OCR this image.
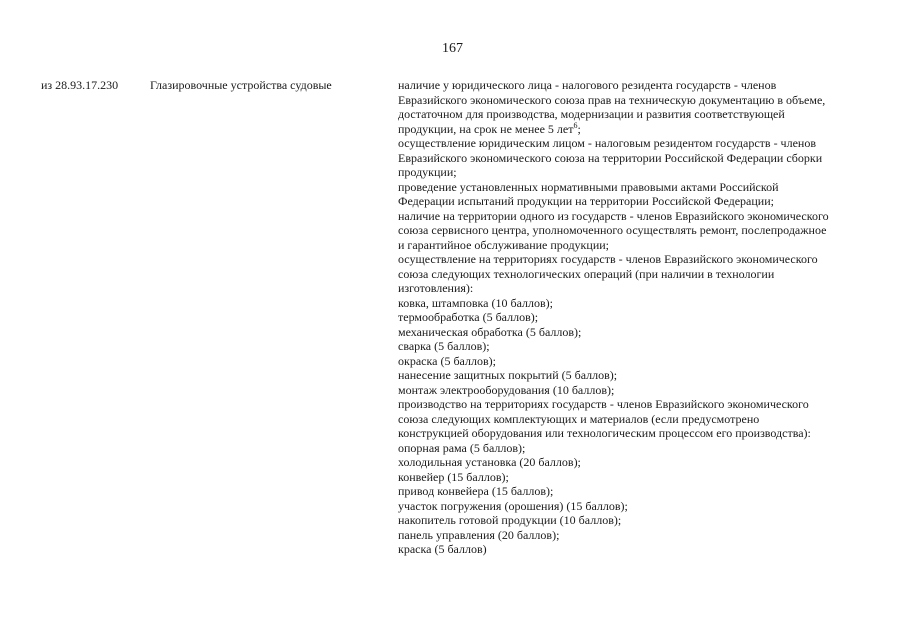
167
из 28.93.17.230	Глазировочные устройства судовые	наличие у юридического лица - налогового резидента государств - членов
Евразийского экономического союза прав на техническую документацию в объеме,
достаточном для производства, модернизации и развития соответствующей
продукции, на срок не менее 5 лет$^6$;
осуществление юридическим лицом - налоговым резидентом государств - членов
Евразийского экономического союза на территории Российской Федерации сборки
продукции;
проведение установленных нормативными правовыми актами Российской
Федерации испытаний продукции на территории Российской Федерации;
наличие на территории одного из государств - членов Евразийского экономического
союза сервисного центра, уполномоченного осуществлять ремонт, послепродажное
и гарантийное обслуживание продукции;
осуществление на территориях государств - членов Евразийского экономического
союза следующих технологических операций (при наличии в технологии
изготовления):
ковка, штамповка (10 баллов);
термообработка (5 баллов);
механическая обработка (5 баллов);
сварка (5 баллов);
окраска (5 баллов);
нанесение защитных покрытий (5 баллов);
монтаж электрооборудования (10 баллов);
производство на территориях государств - членов Евразийского экономического
союза следующих комплектующих и материалов (если предусмотрено
конструкцией оборудования или технологическим процессом его производства):
опорная рама (5 баллов);
холодильная установка (20 баллов);
конвейер (15 баллов);
привод конвейера (15 баллов);
участок погружения (орошения) (15 баллов);
накопитель готовой продукции (10 баллов);
панель управления (20 баллов);
краска (5 баллов)
